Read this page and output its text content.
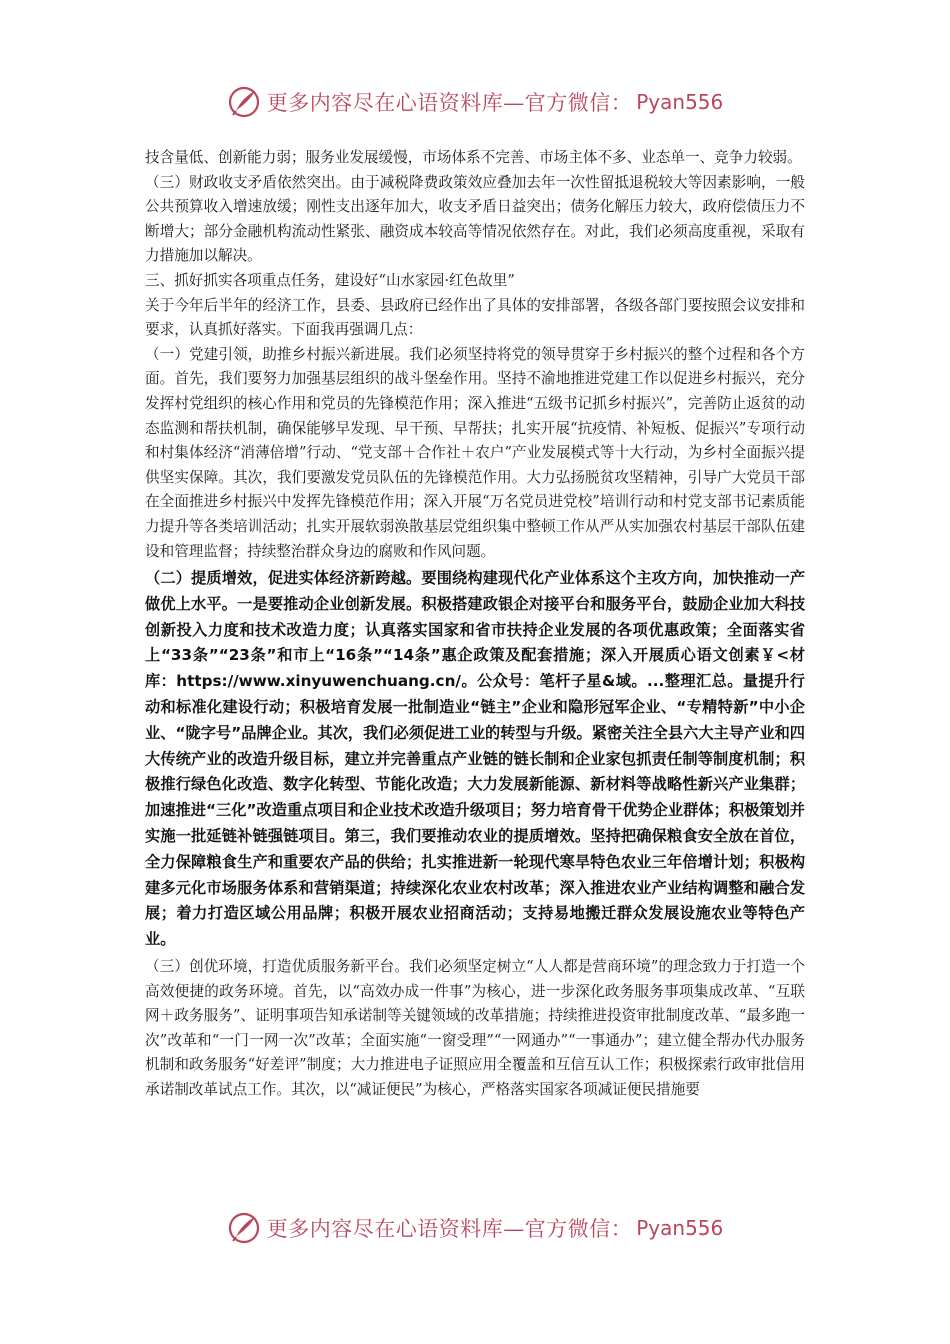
更多内容尽在心语资料库—官方微信： Pyan556

技含量低、创新能力弱；服务业发展缓慢，市场体系不完善、市场主体不多、业态单一、竞争力较弱。

（三）财政收支矛盾依然突出。由于减税降费政策效应叠加去年一次性留抵退税较大等因素影响，一般公共预算收入增速放缓；刚性支出逐年加大，收支矛盾日益突出；债务化解压力较大，政府偿债压力不断增大；部分金融机构流动性紧张、融资成本较高等情况依然存在。对此，我们必须高度重视，采取有力措施加以解决。

三、抓好抓实各项重点任务，建设好“山水家园·红色故里”

关于今年后半年的经济工作，县委、县政府已经作出了具体的安排部署，各级各部门要按照会议安排和要求，认真抓好落实。下面我再强调几点：

（一）党建引领，助推乡村振兴新进展。我们必须坚持将党的领导贯穿于乡村振兴的整个过程和各个方面。首先，我们要努力加强基层组织的战斗堡垒作用。坚持不渝地推进党建工作以促进乡村振兴，充分发挥村党组织的核心作用和党员的先锋模范作用；深入推进“五级书记抓乡村振兴”，完善防止返贫的动态监测和帮扶机制，确保能够早发现、早干预、早帮扶；扎实开展“抗疫情、补短板、促振兴”专项行动和村集体经济“消薄倍增”行动、“党支部＋合作社＋农户”产业发展模式等十大行动，为乡村全面振兴提供坚实保障。其次，我们要激发党员队伍的先锋模范作用。大力弘扬脱贫攻坚精神，引导广大党员干部在全面推进乡村振兴中发挥先锋模范作用；深入开展“万名党员进党校”培训行动和村党支部书记素质能力提升等各类培训活动；扎实开展软弱涣散基层党组织集中整顿工作从严从实加强农村基层干部队伍建设和管理监督；持续整治群众身边的腐败和作风问题。

（二）提质增效，促进实体经济新跨越。要围绕构建现代化产业体系这个主攻方向，加快推动一产做优上水平。一是要推动企业创新发展。积极搭建政银企对接平台和服务平台，鼓励企业加大科技创新投入力度和技术改造力度；认真落实国家和省市扶持企业发展的各项优惠政策；全面落实省上“33条”“23条”和市上“16条”“14条”惠企政策及配套措施；深入开展质心语文创素￥<材库：https://www.xinyuwenchuang.cn/。公众号：笔杆子星&域。...整理汇总。量提升行动和标准化建设行动；积极培育发展一批制造业“链主”企业和隐形冠军企业、“专精特新”中小企业、“陇字号”品牌企业。其次，我们必须促进工业的转型与升级。紧密关注全县六大主导产业和四大传统产业的改造升级目标，建立并完善重点产业链的链长制和企业家包抓责任制等制度机制；积极推行绿色化改造、数字化转型、节能化改造；大力发展新能源、新材料等战略性新兴产业集群；加速推进“三化”改造重点项目和企业技术改造升级项目；努力培育骨干优势企业群体；积极策划并实施一批延链补链强链项目。第三，我们要推动农业的提质增效。坚持把确保粮食安全放在首位，全力保障粮食生产和重要农产品的供给；扎实推进新一轮现代寒旱特色农业三年倍增计划；积极构建多元化市场服务体系和营销渠道；持续深化农业农村改革；深入推进农业产业结构调整和融合发展；着力打造区域公用品牌；积极开展农业招商活动；支持易地搬迁群众发展设施农业等特色产业。

（三）创优环境，打造优质服务新平台。我们必须坚定树立“人人都是营商环境”的理念致力于打造一个高效便捷的政务环境。首先，以“高效办成一件事”为核心，进一步深化政务服务事项集成改革、“互联网＋政务服务”、证明事项告知承诺制等关键领域的改革措施；持续推进投资审批制度改革、“最多跑一次”改革和“一门一网一次”改革；全面实施“一窗受理”“一网通办”“一事通办”；建立健全帮办代办服务机制和政务服务“好差评”制度；大力推进电子证照应用全覆盖和互信互认工作；积极探索行政审批信用承诺制改革试点工作。其次，以“减证便民”为核心，严格落实国家各项减证便民措施要

更多内容尽在心语资料库—官方微信： Pyan556
